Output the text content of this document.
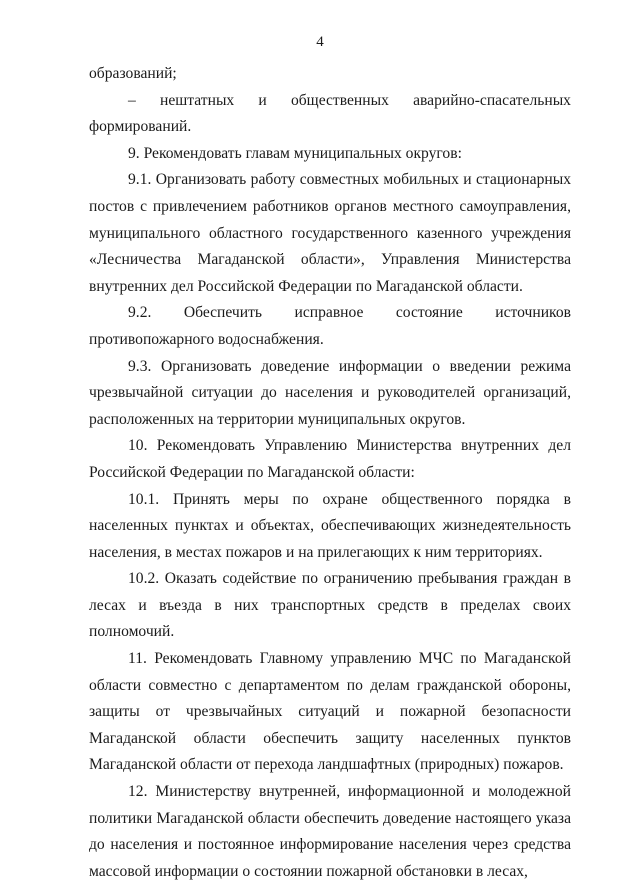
4

образований;

– нештатных и общественных аварийно-спасательных

формирований.

9. Рекомендовать главам муниципальных округов:

9.1. Организовать работу совместных мобильных и стационарных постов с привлечением работников органов местного самоуправления, муниципального областного государственного казенного учреждения «Лесничества Магаданской области», Управления Министерства внутренних дел Российской Федерации по Магаданской области.

9.2. Обеспечить исправное состояние источников противопожарного водоснабжения.

9.3. Организовать доведение информации о введении режима чрезвычайной ситуации до населения и руководителей организаций, расположенных на территории муниципальных округов.

10. Рекомендовать Управлению Министерства внутренних дел Российской Федерации по Магаданской области:

10.1. Принять меры по охране общественного порядка в населенных пунктах и объектах, обеспечивающих жизнедеятельность населения, в местах пожаров и на прилегающих к ним территориях.

10.2. Оказать содействие по ограничению пребывания граждан в лесах и въезда в них транспортных средств в пределах своих полномочий.

11. Рекомендовать Главному управлению МЧС по Магаданской области совместно с департаментом по делам гражданской обороны, защиты от чрезвычайных ситуаций и пожарной безопасности Магаданской области обеспечить защиту населенных пунктов Магаданской области от перехода ландшафтных (природных) пожаров.

12. Министерству внутренней, информационной и молодежной политики Магаданской области обеспечить доведение настоящего указа до населения и постоянное информирование населения через средства массовой информации о состоянии пожарной обстановки в лесах,
